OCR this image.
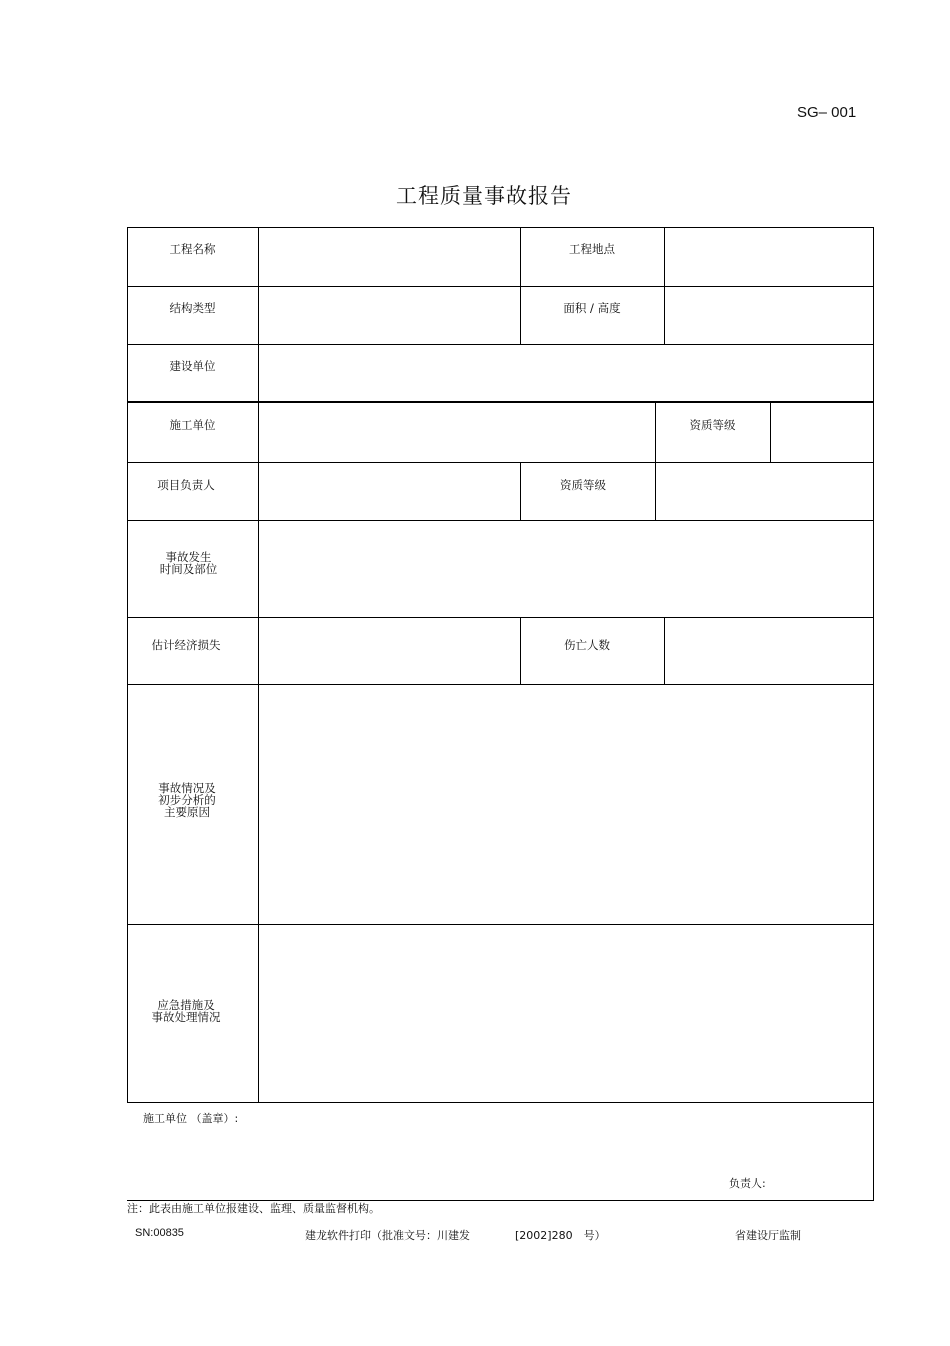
SG– 001
工程质量事故报告
工程名称	工程地点
结构类型	面积 / 高度
建设单位
施工单位	资质等级
项目负责人	资质等级
事故发生
时间及部位
估计经济损失	伤亡人数
事故情况及
初步分析的
主要原因
应急措施及
事故处理情况
施工单位 （盖章）:
负责人:
注：此表由施工单位报建设、监理、质量监督机构。
SN:00835	建龙软件打印（批准文号：川建发	[2002]280　号）	省建设厅监制
